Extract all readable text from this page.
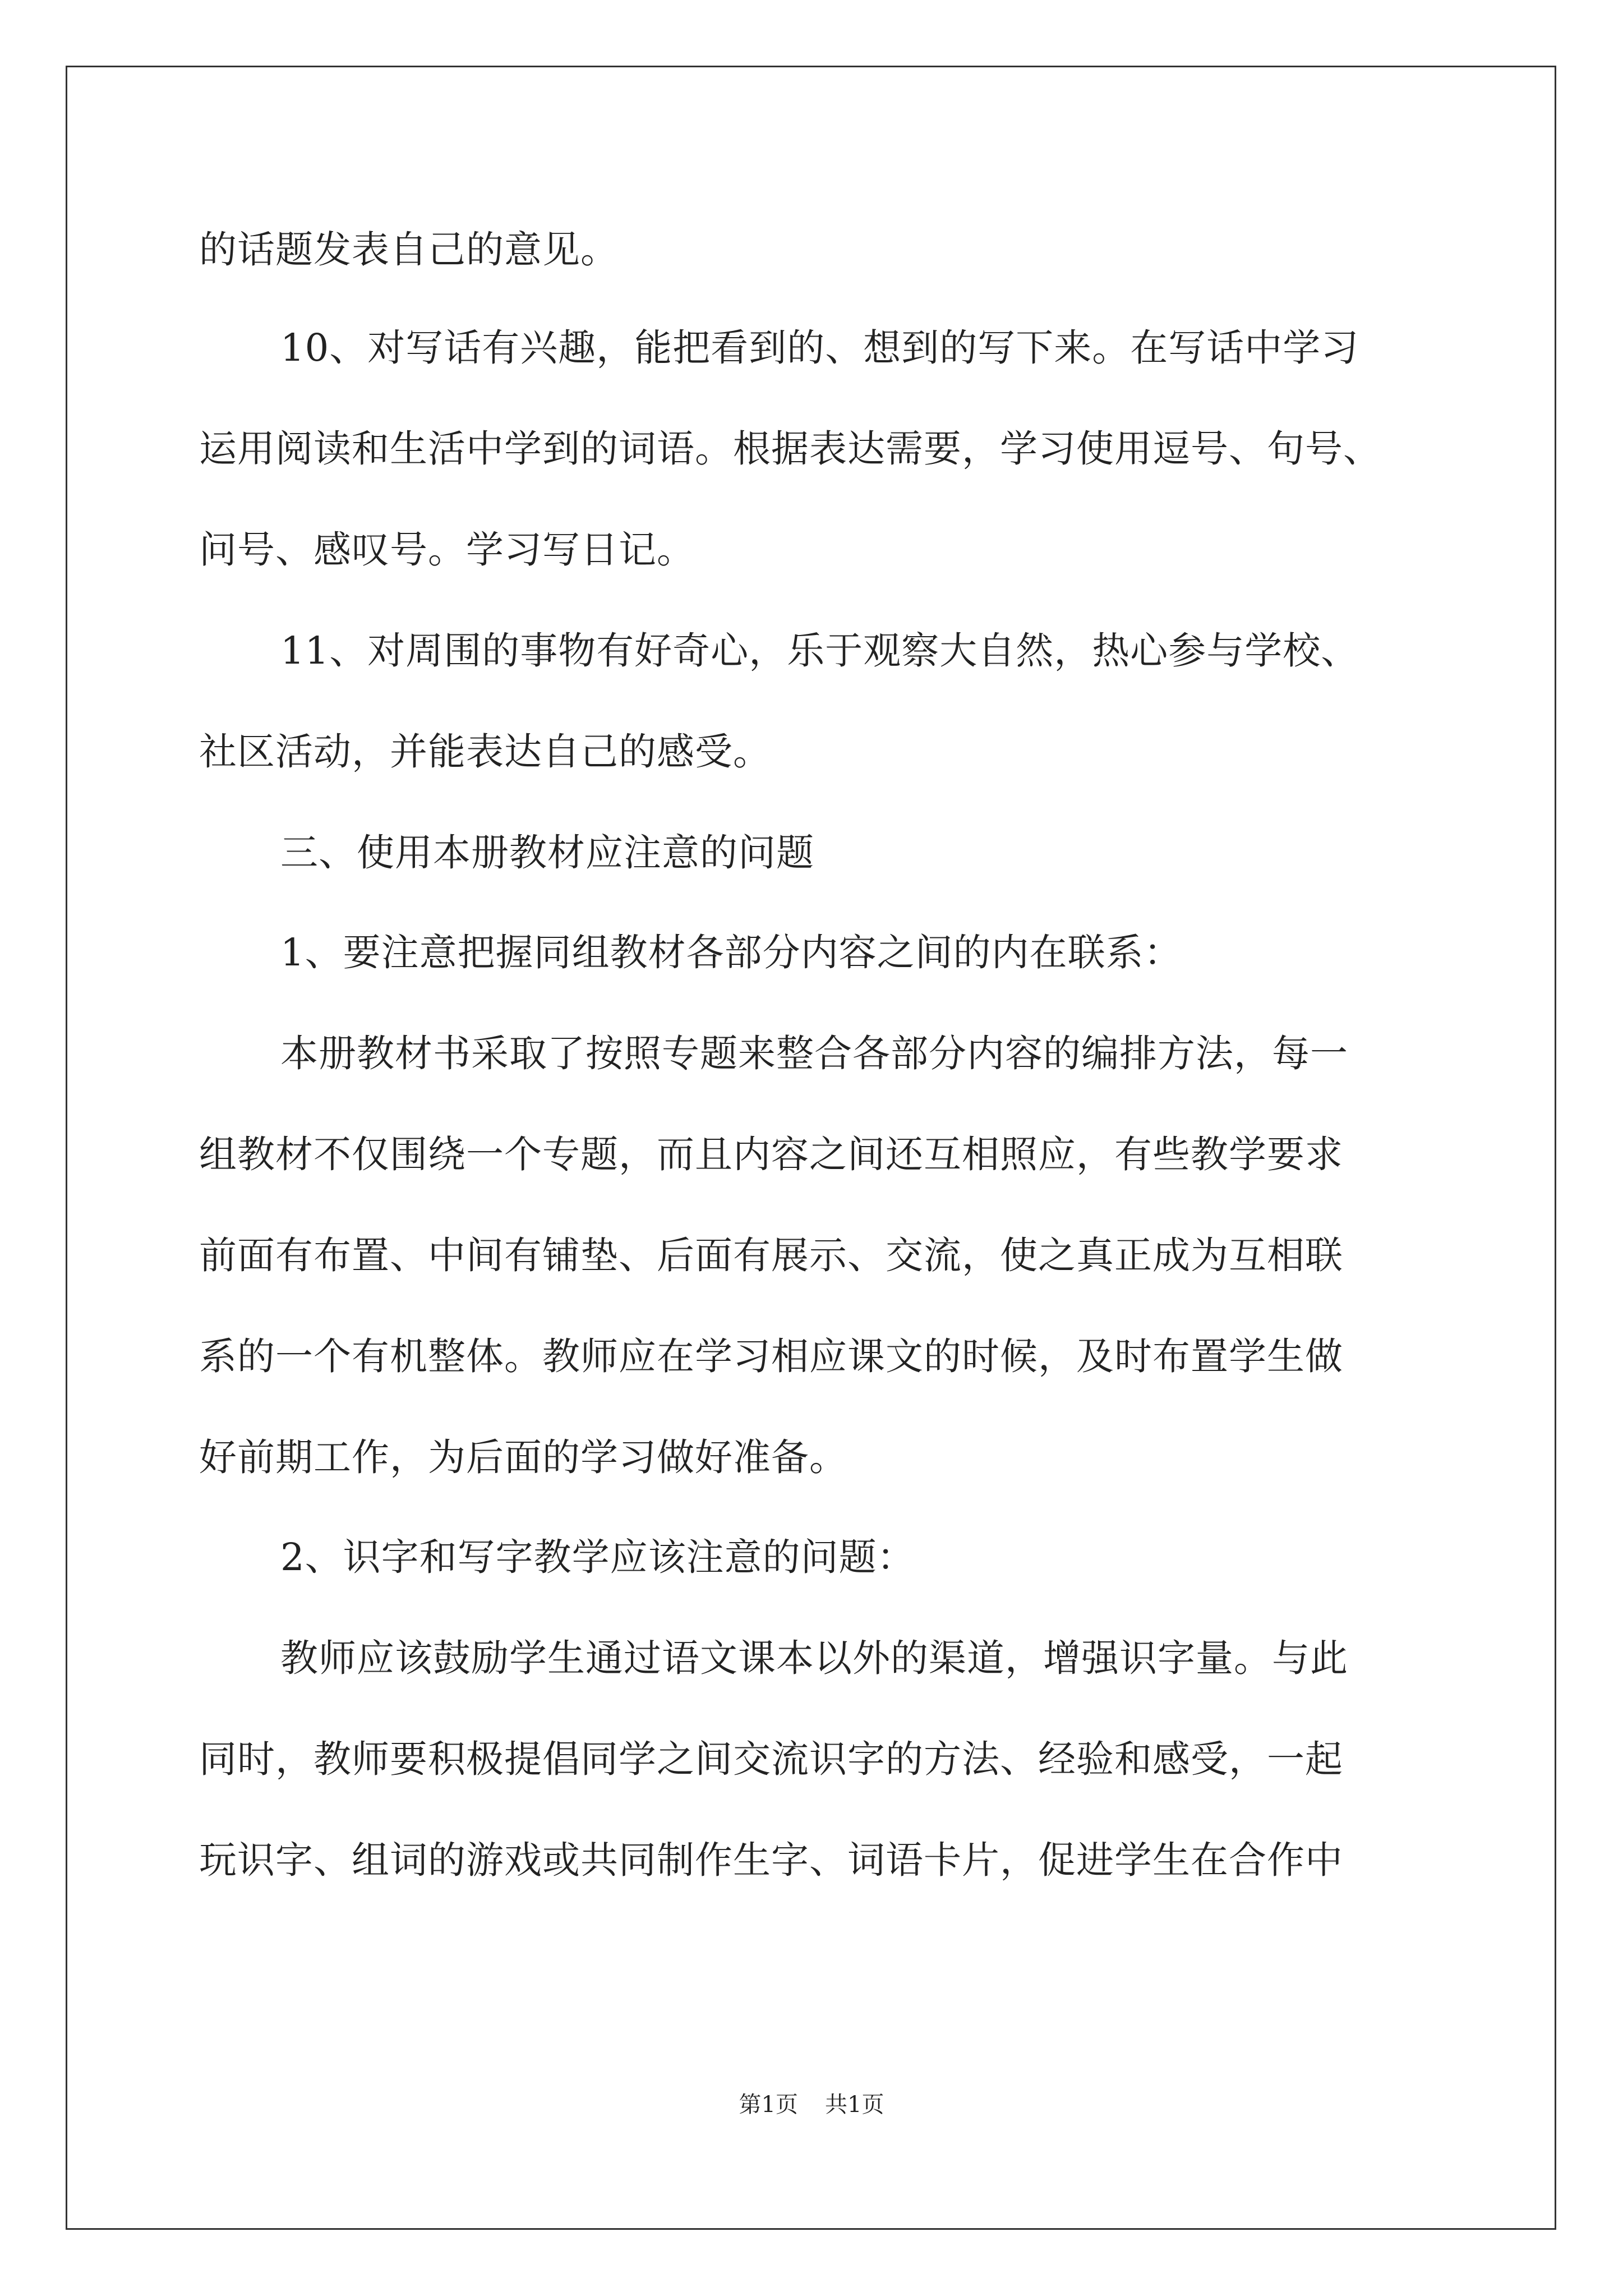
的话题发表自己的意见。
10、对写话有兴趣，能把看到的、想到的写下来。在写话中学习
运用阅读和生活中学到的词语。根据表达需要，学习使用逗号、句号、
问号、感叹号。学习写日记。
11、对周围的事物有好奇心，乐于观察大自然，热心参与学校、
社区活动，并能表达自己的感受。
三、使用本册教材应注意的问题
1、要注意把握同组教材各部分内容之间的内在联系：
本册教材书采取了按照专题来整合各部分内容的编排方法，每一
组教材不仅围绕一个专题，而且内容之间还互相照应，有些教学要求
前面有布置、中间有铺垫、后面有展示、交流，使之真正成为互相联
系的一个有机整体。教师应在学习相应课文的时候，及时布置学生做
好前期工作，为后面的学习做好准备。
2、识字和写字教学应该注意的问题：
教师应该鼓励学生通过语文课本以外的渠道，增强识字量。与此
同时，教师要积极提倡同学之间交流识字的方法、经验和感受，一起
玩识字、组词的游戏或共同制作生字、词语卡片，促进学生在合作中
第1页 共1页
